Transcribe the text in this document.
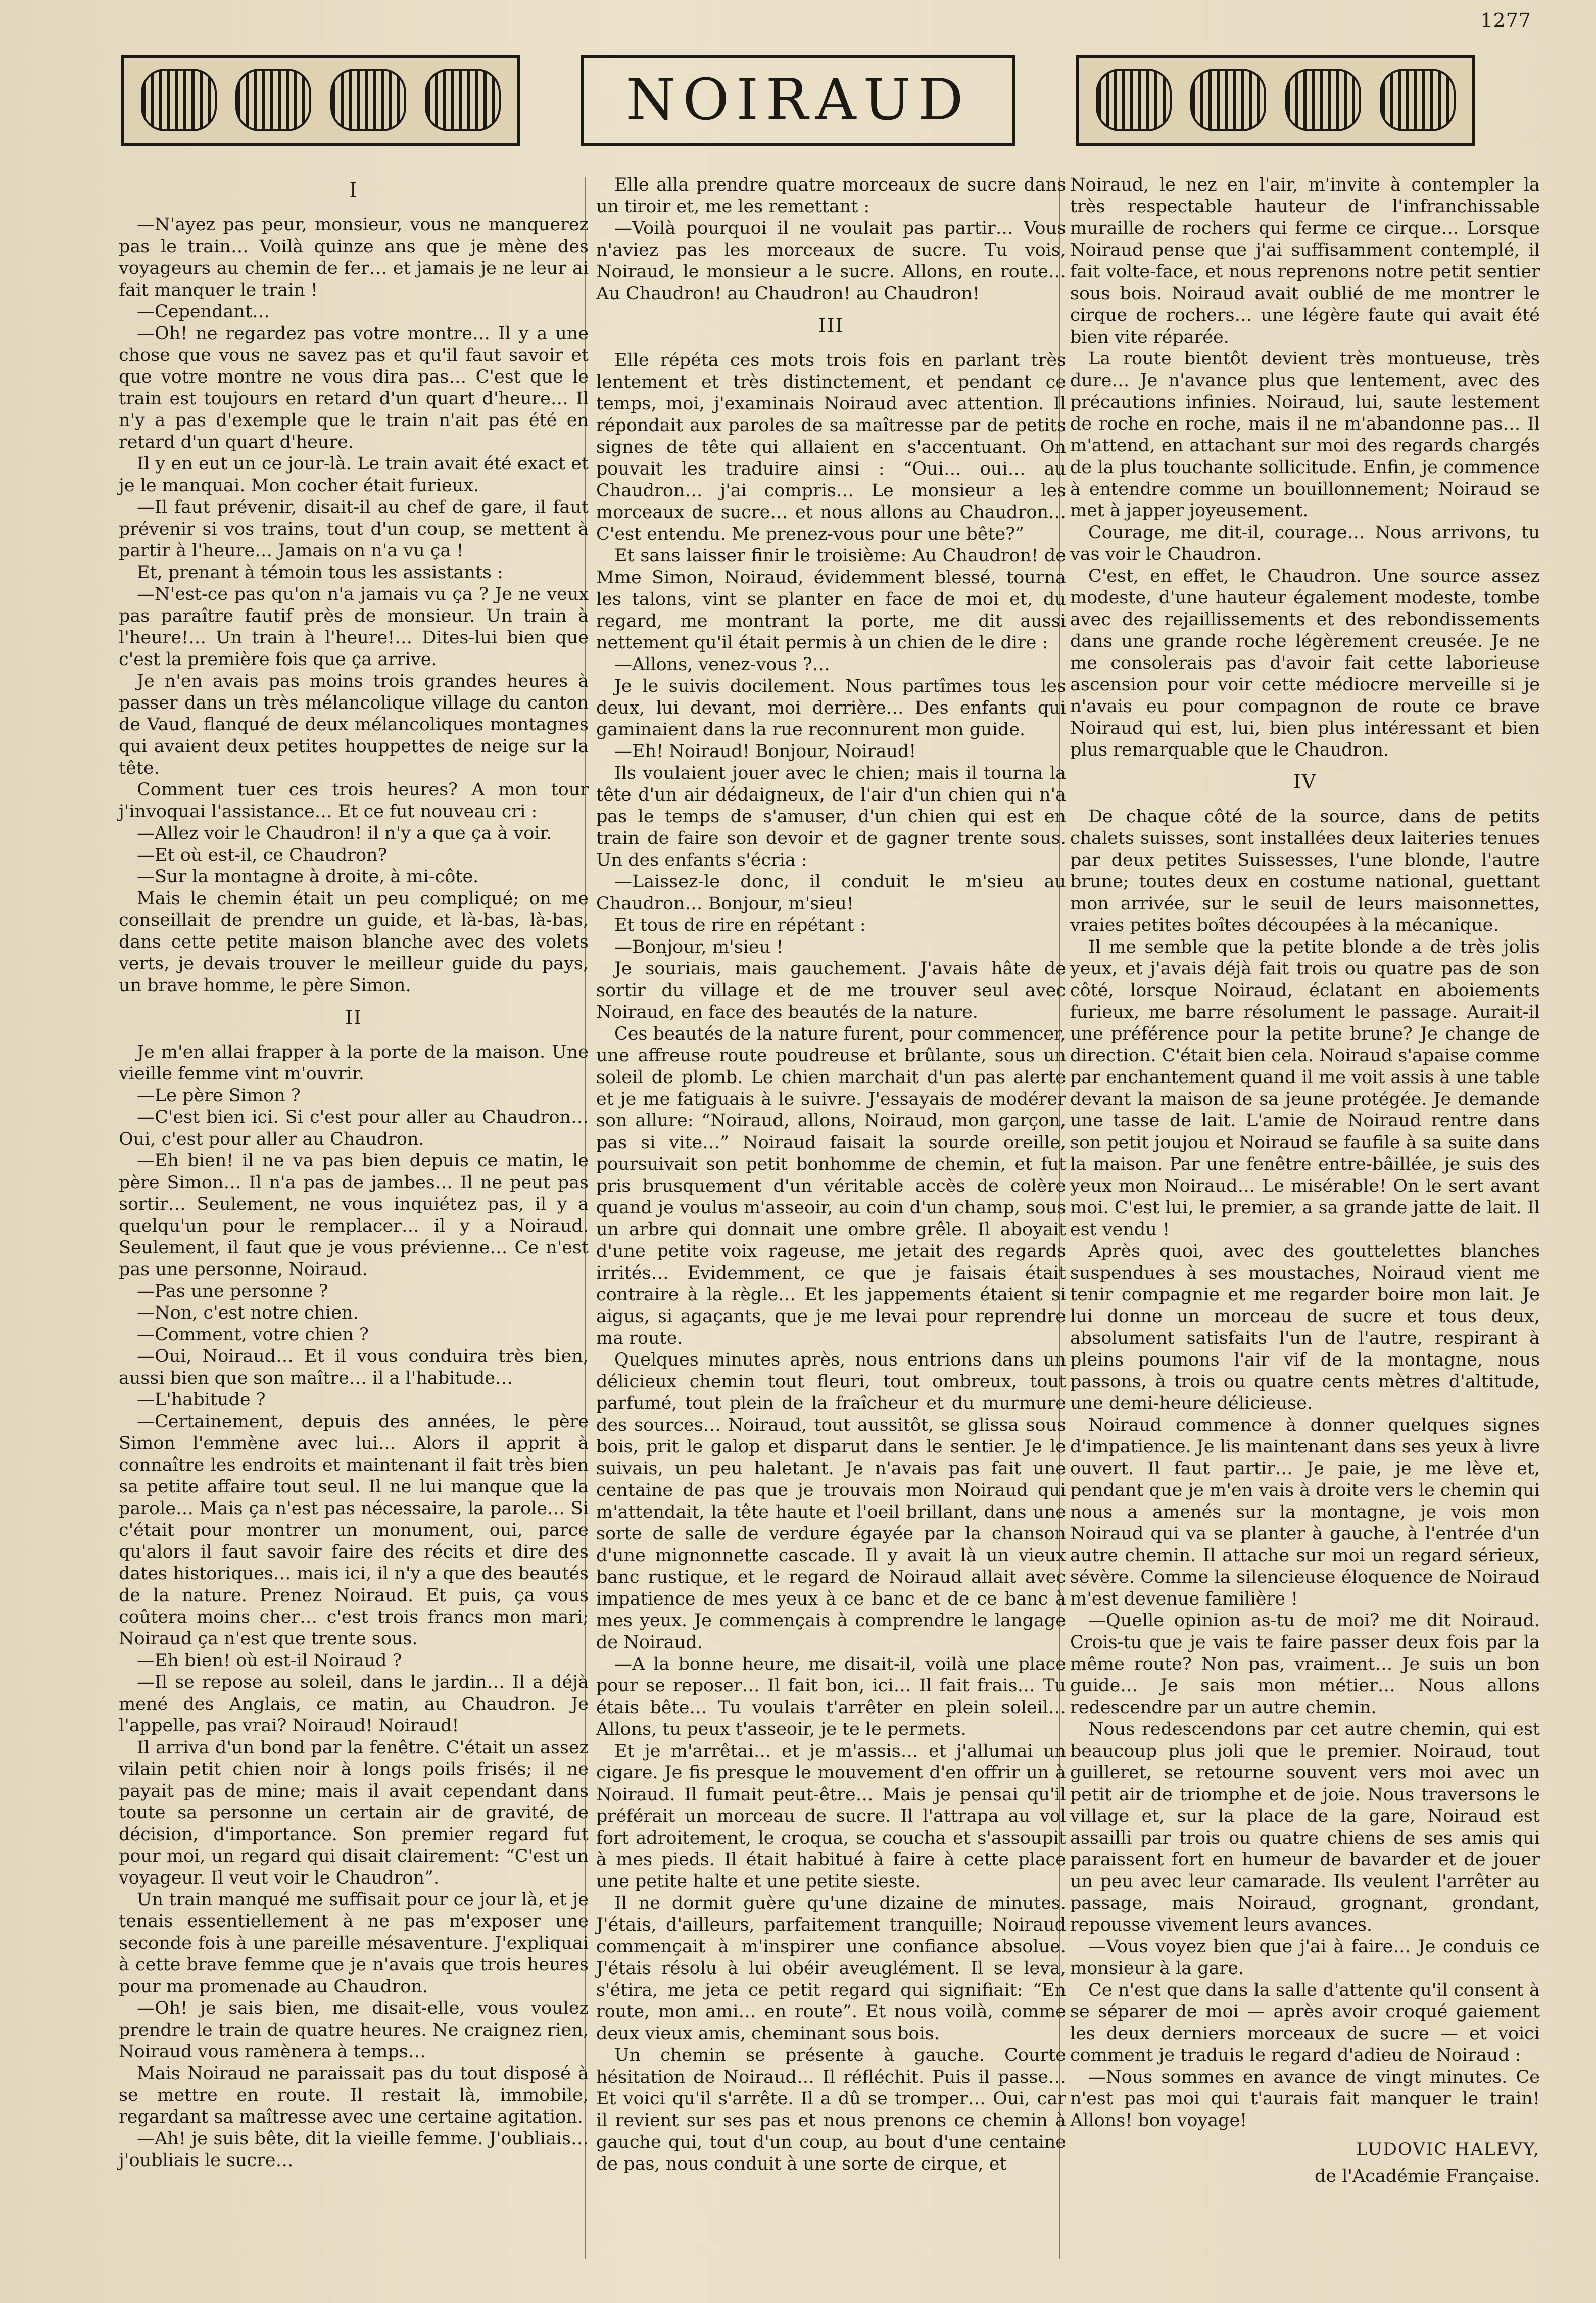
1277
NOIRAUD
I

—N'ayez pas peur, monsieur, vous ne manquerez pas le train… Voilà quinze ans que je mène des voyageurs au chemin de fer… et jamais je ne leur ai fait manquer le train !

—Cependant…

—Oh! ne regardez pas votre montre… Il y a une chose que vous ne savez pas et qu'il faut savoir et que votre montre ne vous dira pas… C'est que le train est toujours en retard d'un quart d'heure… Il n'y a pas d'exemple que le train n'ait pas été en retard d'un quart d'heure.

Il y en eut un ce jour-là. Le train avait été exact et je le manquai. Mon cocher était furieux.

—Il faut prévenir, disait-il au chef de gare, il faut prévenir si vos trains, tout d'un coup, se mettent à partir à l'heure… Jamais on n'a vu ça !

Et, prenant à témoin tous les assistants :

—N'est-ce pas qu'on n'a jamais vu ça ? Je ne veux pas paraître fautif près de monsieur. Un train à l'heure!… Un train à l'heure!… Dites-lui bien que c'est la première fois que ça arrive.

Je n'en avais pas moins trois grandes heures à passer dans un très mélancolique village du canton de Vaud, flanqué de deux mélancoliques montagnes qui avaient deux petites houppettes de neige sur la tête.

Comment tuer ces trois heures? A mon tour j'invoquai l'assistance… Et ce fut nouveau cri :

—Allez voir le Chaudron! il n'y a que ça à voir.

—Et où est-il, ce Chaudron?

—Sur la montagne à droite, à mi-côte.

Mais le chemin était un peu compliqué; on me conseillait de prendre un guide, et là-bas, là-bas, dans cette petite maison blanche avec des volets verts, je devais trouver le meilleur guide du pays, un brave homme, le père Simon.

II

Je m'en allai frapper à la porte de la maison. Une vieille femme vint m'ouvrir.

—Le père Simon ?

—C'est bien ici. Si c'est pour aller au Chaudron… Oui, c'est pour aller au Chaudron.

—Eh bien! il ne va pas bien depuis ce matin, le père Simon… Il n'a pas de jambes… Il ne peut pas sortir… Seulement, ne vous inquiétez pas, il y a quelqu'un pour le remplacer… il y a Noiraud. Seulement, il faut que je vous prévienne… Ce n'est pas une personne, Noiraud.

—Pas une personne ?

—Non, c'est notre chien.

—Comment, votre chien ?

—Oui, Noiraud… Et il vous conduira très bien, aussi bien que son maître… il a l'habitude…

—L'habitude ?

—Certainement, depuis des années, le père Simon l'emmène avec lui… Alors il apprit à connaître les endroits et maintenant il fait très bien sa petite affaire tout seul. Il ne lui manque que la parole… Mais ça n'est pas nécessaire, la parole… Si c'était pour montrer un monument, oui, parce qu'alors il faut savoir faire des récits et dire des dates historiques… mais ici, il n'y a que des beautés de la nature. Prenez Noiraud. Et puis, ça vous coûtera moins cher… c'est trois francs mon mari; Noiraud ça n'est que trente sous.

—Eh bien! où est-il Noiraud ?

—Il se repose au soleil, dans le jardin… Il a déjà mené des Anglais, ce matin, au Chaudron. Je l'appelle, pas vrai? Noiraud! Noiraud!

Il arriva d'un bond par la fenêtre. C'était un assez vilain petit chien noir à longs poils frisés; il ne payait pas de mine; mais il avait cependant dans toute sa personne un certain air de gravité, de décision, d'importance. Son premier regard fut pour moi, un regard qui disait clairement: “C'est un voyageur. Il veut voir le Chaudron”.

Un train manqué me suffisait pour ce jour là, et je tenais essentiellement à ne pas m'exposer une seconde fois à une pareille mésaventure. J'expliquai à cette brave femme que je n'avais que trois heures pour ma promenade au Chaudron.

—Oh! je sais bien, me disait-elle, vous voulez prendre le train de quatre heures. Ne craignez rien, Noiraud vous ramènera à temps…

Mais Noiraud ne paraissait pas du tout disposé à se mettre en route. Il restait là, immobile, regardant sa maîtresse avec une certaine agitation.

—Ah! je suis bête, dit la vieille femme. J'oubliais… j'oubliais le sucre…

Elle alla prendre quatre morceaux de sucre dans un tiroir et, me les remettant :

—Voilà pourquoi il ne voulait pas partir… Vous n'aviez pas les morceaux de sucre. Tu vois, Noiraud, le monsieur a le sucre. Allons, en route… Au Chaudron! au Chaudron! au Chaudron!

III

Elle répéta ces mots trois fois en parlant très lentement et très distinctement, et pendant ce temps, moi, j'examinais Noiraud avec attention. Il répondait aux paroles de sa maîtresse par de petits signes de tête qui allaient en s'accentuant. On pouvait les traduire ainsi : “Oui… oui… au Chaudron… j'ai compris… Le monsieur a les morceaux de sucre… et nous allons au Chaudron… C'est entendu. Me prenez-vous pour une bête?”

Et sans laisser finir le troisième: Au Chaudron! de Mme Simon, Noiraud, évidemment blessé, tourna les talons, vint se planter en face de moi et, du regard, me montrant la porte, me dit aussi nettement qu'il était permis à un chien de le dire :

—Allons, venez-vous ?…

Je le suivis docilement. Nous partîmes tous les deux, lui devant, moi derrière… Des enfants qui gaminaient dans la rue reconnurent mon guide.

—Eh! Noiraud! Bonjour, Noiraud!

Ils voulaient jouer avec le chien; mais il tourna la tête d'un air dédaigneux, de l'air d'un chien qui n'a pas le temps de s'amuser, d'un chien qui est en train de faire son devoir et de gagner trente sous. Un des enfants s'écria :

—Laissez-le donc, il conduit le m'sieu au Chaudron… Bonjour, m'sieu!

Et tous de rire en répétant :

—Bonjour, m'sieu !

Je souriais, mais gauchement. J'avais hâte de sortir du village et de me trouver seul avec Noiraud, en face des beautés de la nature.

Ces beautés de la nature furent, pour commencer, une affreuse route poudreuse et brûlante, sous un soleil de plomb. Le chien marchait d'un pas alerte et je me fatiguais à le suivre. J'essayais de modérer son allure: “Noiraud, allons, Noiraud, mon garçon, pas si vite…” Noiraud faisait la sourde oreille, poursuivait son petit bonhomme de chemin, et fut pris brusquement d'un véritable accès de colère quand je voulus m'asseoir, au coin d'un champ, sous un arbre qui donnait une ombre grêle. Il aboyait d'une petite voix rageuse, me jetait des regards irrités… Evidemment, ce que je faisais était contraire à la règle… Et les jappements étaient si aigus, si agaçants, que je me levai pour reprendre ma route.

Quelques minutes après, nous entrions dans un délicieux chemin tout fleuri, tout ombreux, tout parfumé, tout plein de la fraîcheur et du murmure des sources… Noiraud, tout aussitôt, se glissa sous bois, prit le galop et disparut dans le sentier. Je le suivais, un peu haletant. Je n'avais pas fait une centaine de pas que je trouvais mon Noiraud qui m'attendait, la tête haute et l'oeil brillant, dans une sorte de salle de verdure égayée par la chanson d'une mignonnette cascade. Il y avait là un vieux banc rustique, et le regard de Noiraud allait avec impatience de mes yeux à ce banc et de ce banc à mes yeux. Je commençais à comprendre le langage de Noiraud.

—A la bonne heure, me disait-il, voilà une place pour se reposer… Il fait bon, ici… Il fait frais… Tu étais bête… Tu voulais t'arrêter en plein soleil… Allons, tu peux t'asseoir, je te le permets.

Et je m'arrêtai… et je m'assis… et j'allumai un cigare. Je fis presque le mouvement d'en offrir un à Noiraud. Il fumait peut-être… Mais je pensai qu'il préférait un morceau de sucre. Il l'attrapa au vol fort adroitement, le croqua, se coucha et s'assoupit à mes pieds. Il était habitué à faire à cette place une petite halte et une petite sieste.

Il ne dormit guère qu'une dizaine de minutes. J'étais, d'ailleurs, parfaitement tranquille; Noiraud commençait à m'inspirer une confiance absolue. J'étais résolu à lui obéir aveuglément. Il se leva, s'étira, me jeta ce petit regard qui signifiait: “En route, mon ami… en route”. Et nous voilà, comme deux vieux amis, cheminant sous bois.

Un chemin se présente à gauche. Courte hésitation de Noiraud… Il réfléchit. Puis il passe… Et voici qu'il s'arrête. Il a dû se tromper… Oui, car il revient sur ses pas et nous prenons ce chemin à gauche qui, tout d'un coup, au bout d'une centaine de pas, nous conduit à une sorte de cirque, et

Noiraud, le nez en l'air, m'invite à contempler la très respectable hauteur de l'infranchissable muraille de rochers qui ferme ce cirque… Lorsque Noiraud pense que j'ai suffisamment contemplé, il fait volte-face, et nous reprenons notre petit sentier sous bois. Noiraud avait oublié de me montrer le cirque de rochers… une légère faute qui avait été bien vite réparée.

La route bientôt devient très montueuse, très dure… Je n'avance plus que lentement, avec des précautions infinies. Noiraud, lui, saute lestement de roche en roche, mais il ne m'abandonne pas… Il m'attend, en attachant sur moi des regards chargés de la plus touchante sollicitude. Enfin, je commence à entendre comme un bouillonnement; Noiraud se met à japper joyeusement.

Courage, me dit-il, courage… Nous arrivons, tu vas voir le Chaudron.

C'est, en effet, le Chaudron. Une source assez modeste, d'une hauteur également modeste, tombe avec des rejaillissements et des rebondissements dans une grande roche légèrement creusée. Je ne me consolerais pas d'avoir fait cette laborieuse ascension pour voir cette médiocre merveille si je n'avais eu pour compagnon de route ce brave Noiraud qui est, lui, bien plus intéressant et bien plus remarquable que le Chaudron.

IV

De chaque côté de la source, dans de petits chalets suisses, sont installées deux laiteries tenues par deux petites Suissesses, l'une blonde, l'autre brune; toutes deux en costume national, guettant mon arrivée, sur le seuil de leurs maisonnettes, vraies petites boîtes découpées à la mécanique.

Il me semble que la petite blonde a de très jolis yeux, et j'avais déjà fait trois ou quatre pas de son côté, lorsque Noiraud, éclatant en aboiements furieux, me barre résolument le passage. Aurait-il une préférence pour la petite brune? Je change de direction. C'était bien cela. Noiraud s'apaise comme par enchantement quand il me voit assis à une table devant la maison de sa jeune protégée. Je demande une tasse de lait. L'amie de Noiraud rentre dans son petit joujou et Noiraud se faufile à sa suite dans la maison. Par une fenêtre entre-bâillée, je suis des yeux mon Noiraud… Le misérable! On le sert avant moi. C'est lui, le premier, a sa grande jatte de lait. Il est vendu !

Après quoi, avec des gouttelettes blanches suspendues à ses moustaches, Noiraud vient me tenir compagnie et me regarder boire mon lait. Je lui donne un morceau de sucre et tous deux, absolument satisfaits l'un de l'autre, respirant à pleins poumons l'air vif de la montagne, nous passons, à trois ou quatre cents mètres d'altitude, une demi-heure délicieuse.

Noiraud commence à donner quelques signes d'impatience. Je lis maintenant dans ses yeux à livre ouvert. Il faut partir… Je paie, je me lève et, pendant que je m'en vais à droite vers le chemin qui nous a amenés sur la montagne, je vois mon Noiraud qui va se planter à gauche, à l'entrée d'un autre chemin. Il attache sur moi un regard sérieux, sévère. Comme la silencieuse éloquence de Noiraud m'est devenue familière !

—Quelle opinion as-tu de moi? me dit Noiraud. Crois-tu que je vais te faire passer deux fois par la même route? Non pas, vraiment… Je suis un bon guide… Je sais mon métier… Nous allons redescendre par un autre chemin.

Nous redescendons par cet autre chemin, qui est beaucoup plus joli que le premier. Noiraud, tout guilleret, se retourne souvent vers moi avec un petit air de triomphe et de joie. Nous traversons le village et, sur la place de la gare, Noiraud est assailli par trois ou quatre chiens de ses amis qui paraissent fort en humeur de bavarder et de jouer un peu avec leur camarade. Ils veulent l'arrêter au passage, mais Noiraud, grognant, grondant, repousse vivement leurs avances.

—Vous voyez bien que j'ai à faire… Je conduis ce monsieur à la gare.

Ce n'est que dans la salle d'attente qu'il consent à se séparer de moi — après avoir croqué gaiement les deux derniers morceaux de sucre — et voici comment je traduis le regard d'adieu de Noiraud :

—Nous sommes en avance de vingt minutes. Ce n'est pas moi qui t'aurais fait manquer le train! Allons! bon voyage!

LUDOVIC HALEVY,
de l'Académie Française.
